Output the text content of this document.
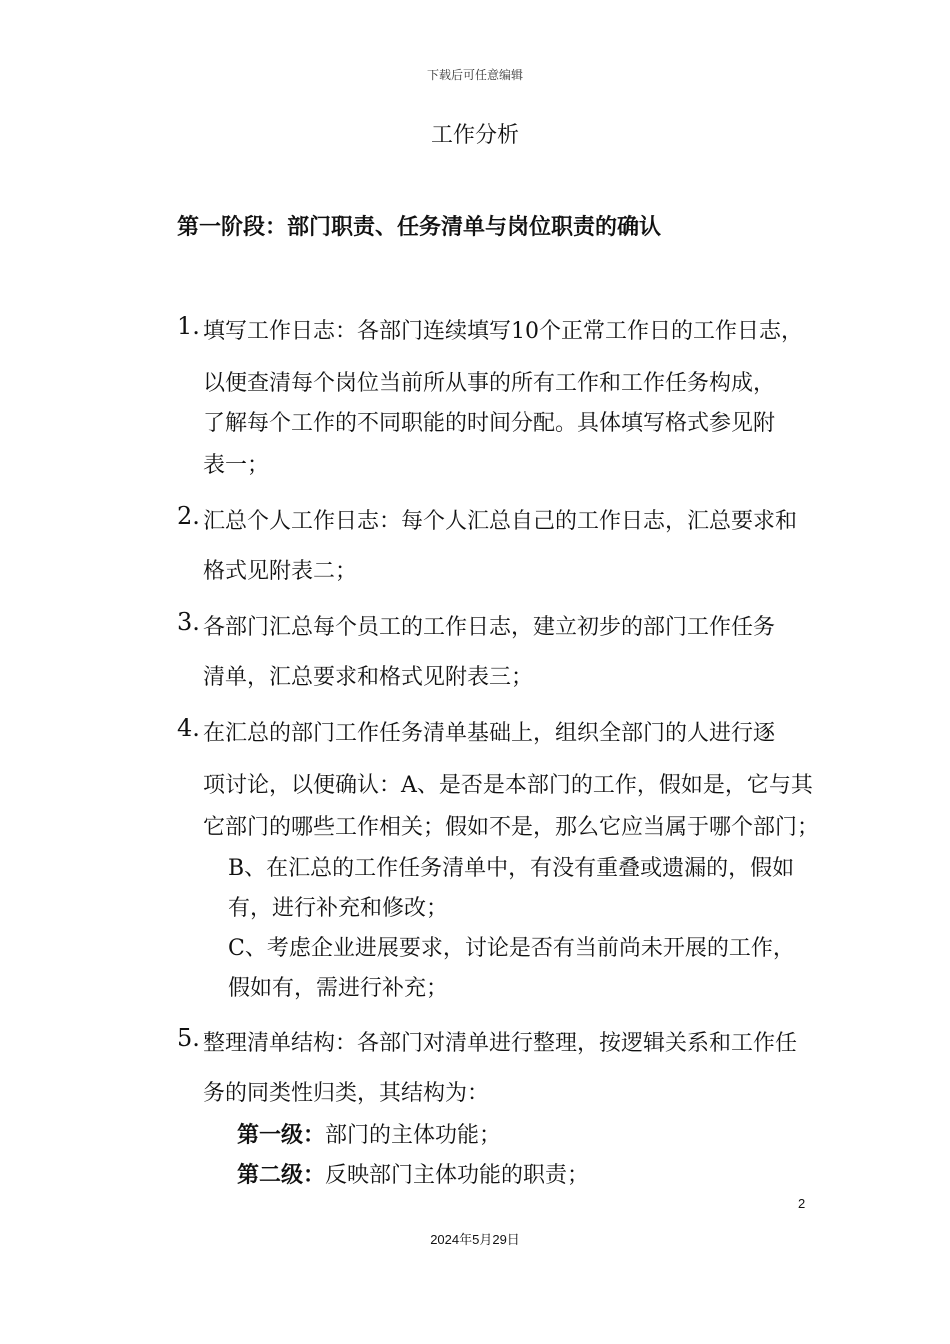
下载后可任意编辑
工作分析
第一阶段：部门职责、任务清单与岗位职责的确认
1. 填写工作日志：各部门连续填写10个正常工作日的工作日志，
以便查清每个岗位当前所从事的所有工作和工作任务构成，
了解每个工作的不同职能的时间分配。具体填写格式参见附
表一；
2. 汇总个人工作日志：每个人汇总自己的工作日志，汇总要求和
格式见附表二；
3. 各部门汇总每个员工的工作日志，建立初步的部门工作任务
清单，汇总要求和格式见附表三；
4. 在汇总的部门工作任务清单基础上，组织全部门的人进行逐
项讨论，以便确认：A、是否是本部门的工作，假如是，它与其
它部门的哪些工作相关；假如不是，那么它应当属于哪个部门；
B、在汇总的工作任务清单中，有没有重叠或遗漏的，假如
有，进行补充和修改；
C、考虑企业进展要求，讨论是否有当前尚未开展的工作，
假如有，需进行补充；
5. 整理清单结构：各部门对清单进行整理，按逻辑关系和工作任
务的同类性归类，其结构为：
第一级：部门的主体功能；
第二级：反映部门主体功能的职责；
2
2024年5月29日
